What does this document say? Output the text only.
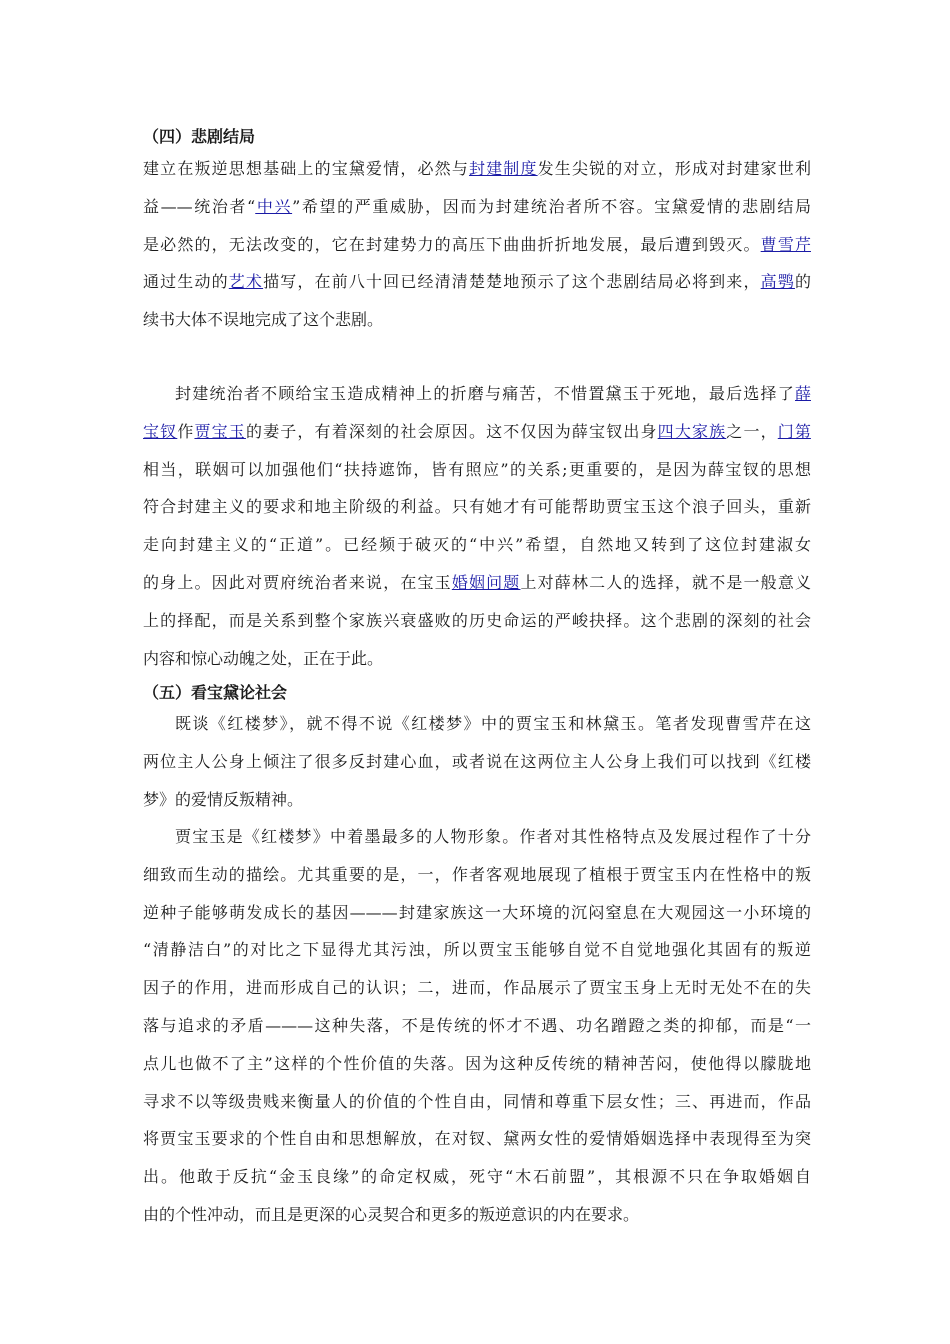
（四）悲剧结局
建立在叛逆思想基础上的宝黛爱情，必然与封建制度发生尖锐的对立，形成对封建家世利
益——统治者“中兴”希望的严重威胁，因而为封建统治者所不容。宝黛爱情的悲剧结局
是必然的，无法改变的，它在封建势力的高压下曲曲折折地发展，最后遭到毁灭。曹雪芹
通过生动的艺术描写，在前八十回已经清清楚楚地预示了这个悲剧结局必将到来，高鹗的
续书大体不误地完成了这个悲剧。
封建统治者不顾给宝玉造成精神上的折磨与痛苦，不惜置黛玉于死地，最后选择了薛
宝钗作贾宝玉的妻子，有着深刻的社会原因。这不仅因为薛宝钗出身四大家族之一，门第
相当，联姻可以加强他们“扶持遮饰，皆有照应”的关系;更重要的，是因为薛宝钗的思想
符合封建主义的要求和地主阶级的利益。只有她才有可能帮助贾宝玉这个浪子回头，重新
走向封建主义的“正道”。已经频于破灭的“中兴”希望，自然地又转到了这位封建淑女
的身上。因此对贾府统治者来说，在宝玉婚姻问题上对薛林二人的选择，就不是一般意义
上的择配，而是关系到整个家族兴衰盛败的历史命运的严峻抉择。这个悲剧的深刻的社会
内容和惊心动魄之处，正在于此。
（五）看宝黛论社会
既谈《红楼梦》，就不得不说《红楼梦》中的贾宝玉和林黛玉。笔者发现曹雪芹在这
两位主人公身上倾注了很多反封建心血，或者说在这两位主人公身上我们可以找到《红楼
梦》的爱情反叛精神。
贾宝玉是《红楼梦》中着墨最多的人物形象。作者对其性格特点及发展过程作了十分
细致而生动的描绘。尤其重要的是，一，作者客观地展现了植根于贾宝玉内在性格中的叛
逆种子能够萌发成长的基因———封建家族这一大环境的沉闷窒息在大观园这一小环境的
“清静洁白”的对比之下显得尤其污浊，所以贾宝玉能够自觉不自觉地强化其固有的叛逆
因子的作用，进而形成自己的认识；二，进而，作品展示了贾宝玉身上无时无处不在的失
落与追求的矛盾———这种失落，不是传统的怀才不遇、功名蹭蹬之类的抑郁，而是“一
点儿也做不了主”这样的个性价值的失落。因为这种反传统的精神苦闷，使他得以朦胧地
寻求不以等级贵贱来衡量人的价值的个性自由，同情和尊重下层女性；三、再进而，作品
将贾宝玉要求的个性自由和思想解放，在对钗、黛两女性的爱情婚姻选择中表现得至为突
出。他敢于反抗“金玉良缘”的命定权威，死守“木石前盟”，其根源不只在争取婚姻自
由的个性冲动，而且是更深的心灵契合和更多的叛逆意识的内在要求。
